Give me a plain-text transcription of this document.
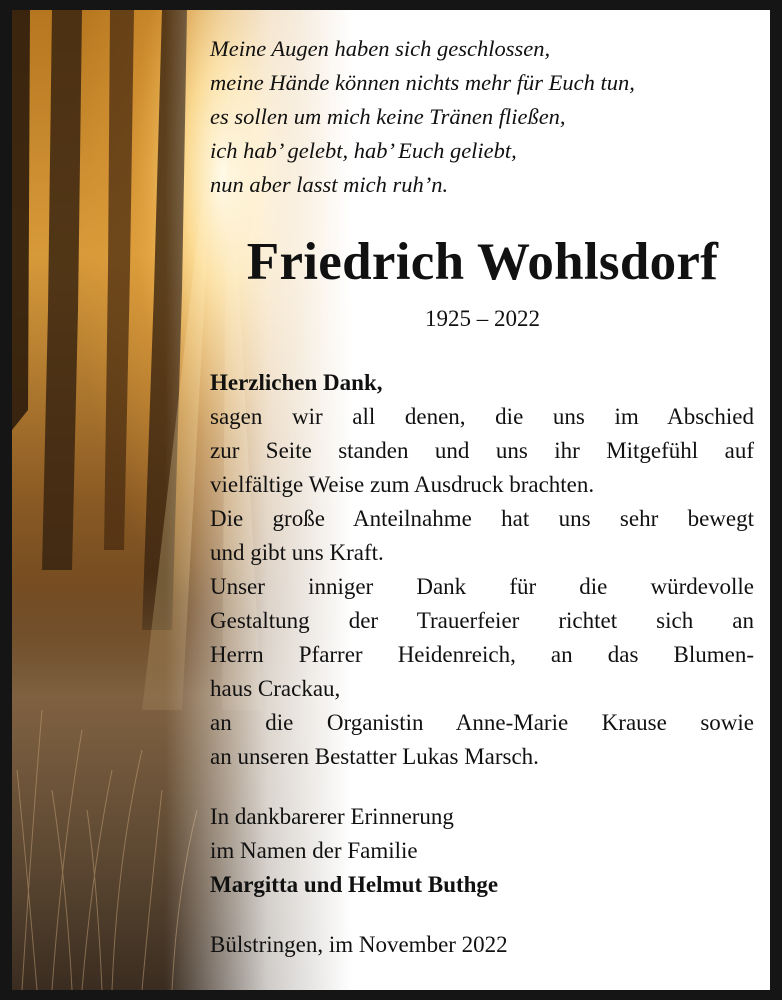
Meine Augen haben sich geschlossen,
meine Hände können nichts mehr für Euch tun,
es sollen um mich keine Tränen fließen,
ich hab’ gelebt, hab’ Euch geliebt,
nun aber lasst mich ruh’n.
Friedrich Wohlsdorf
1925 – 2022
Herzlichen Dank,
sagen wir all denen, die uns im Abschied
zur Seite standen und uns ihr Mitgefühl auf
vielfältige Weise zum Ausdruck brachten.
Die große Anteilnahme hat uns sehr bewegt
und gibt uns Kraft.
Unser inniger Dank für die würdevolle
Gestaltung der Trauerfeier richtet sich an
Herrn Pfarrer Heidenreich, an das Blumen-
haus Crackau,
an die Organistin Anne-Marie Krause sowie
an unseren Bestatter Lukas Marsch.
In dankbarerer Erinnerung
im Namen der Familie
Margitta und Helmut Buthge
Bülstringen, im November 2022
